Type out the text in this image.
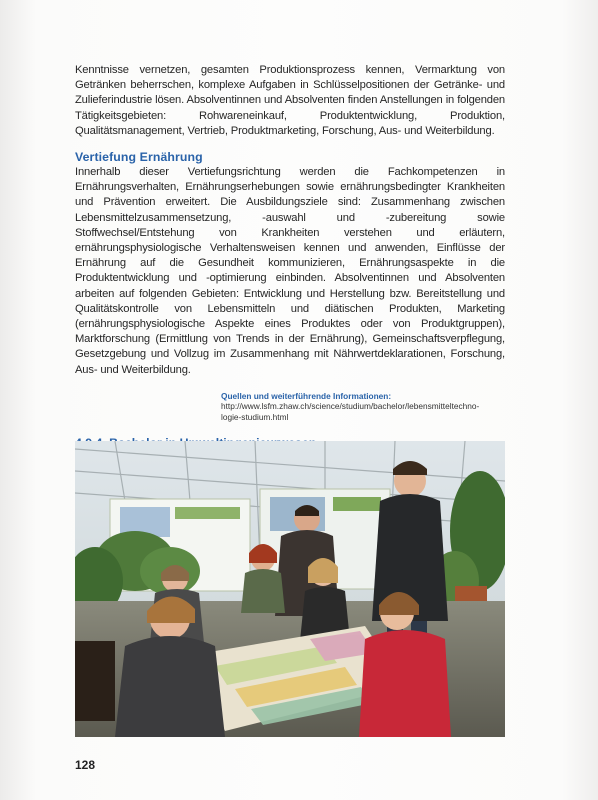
Kenntnisse vernetzen, gesamten Produktionsprozess kennen, Vermarktung von Getränken beherrschen, komplexe Aufgaben in Schlüsselpositionen der Getränke- und Zulieferindustrie lösen. Absolventinnen und Absolventen finden Anstellungen in folgenden Tätigkeitsgebieten: Rohwareneinkauf, Produktentwicklung, Produktion, Qualitätsmanagement, Vertrieb, Produktmarketing, Forschung, Aus- und Weiterbildung.

Vertiefung Ernährung

Innerhalb dieser Vertiefungsrichtung werden die Fachkompetenzen in Ernährungsverhalten, Ernährungserhebungen sowie ernährungsbedingter Krankheiten und Prävention erweitert. Die Ausbildungsziele sind: Zusammenhang zwischen Lebensmittelzusammensetzung, -auswahl und -zubereitung sowie Stoffwechsel/Entstehung von Krankheiten verstehen und erläutern, ernährungsphysiologische Verhaltensweisen kennen und anwenden, Einflüsse der Ernährung auf die Gesundheit kommunizieren, Ernährungsaspekte in die Produktentwicklung und -optimierung einbinden. Absolventinnen und Absolventen arbeiten auf folgenden Gebieten: Entwicklung und Herstellung bzw. Bereitstellung und Qualitätskontrolle von Lebensmitteln und diätischen Produkten, Marketing (ernährungsphysiologische Aspekte eines Produktes oder von Produktgruppen), Marktforschung (Ermittlung von Trends in der Ernährung), Gemeinschaftsverpflegung, Gesetzgebung und Vollzug im Zusammenhang mit Nährwertdeklarationen, Forschung, Aus- und Weiterbildung.

Quellen und weiterführende Informationen:
http://www.lsfm.zhaw.ch/science/studium/bachelor/lebensmitteltechno-
logie-studium.html
128
